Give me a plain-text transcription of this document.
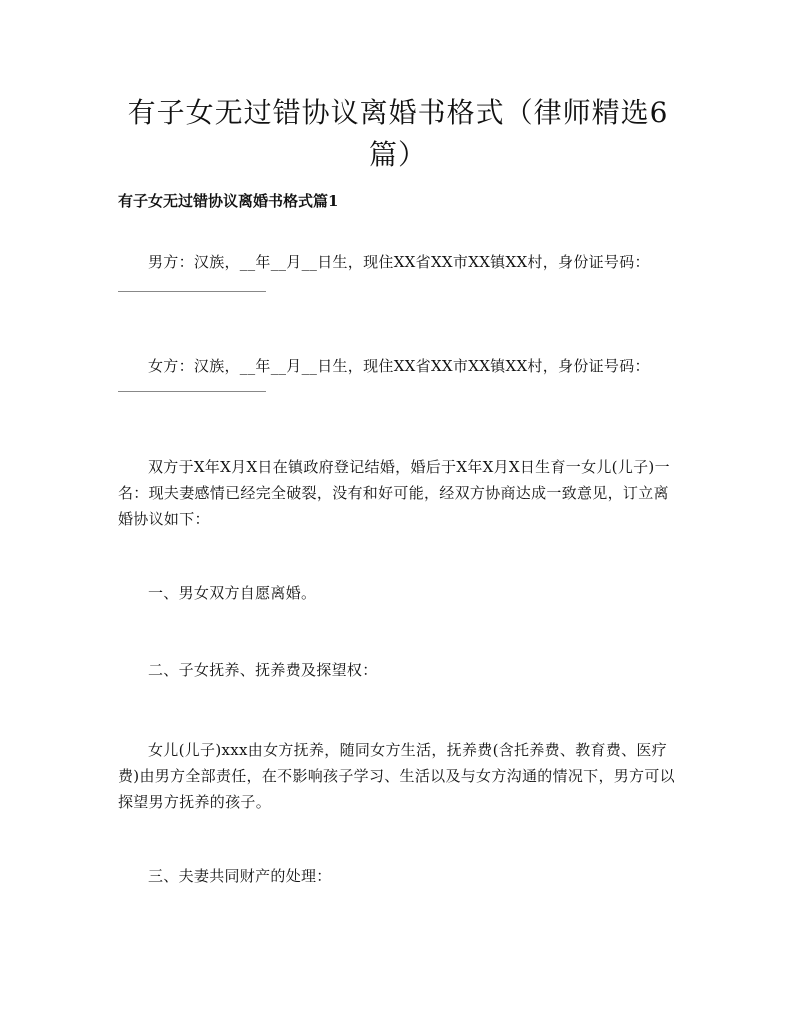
有子女无过错协议离婚书格式（律师精选6篇）

有子女无过错协议离婚书格式篇1

男方：汉族，__年__月__日生，现住XX省XX市XX镇XX村，身份证号码：

女方：汉族，__年__月__日生，现住XX省XX市XX镇XX村，身份证号码：

双方于X年X月X日在镇政府登记结婚，婚后于X年X月X日生育一女儿(儿子)一名：现夫妻感情已经完全破裂，没有和好可能，经双方协商达成一致意见，订立离婚协议如下：

一、男女双方自愿离婚。

二、子女抚养、抚养费及探望权：

女儿(儿子)xxx由女方抚养，随同女方生活，抚养费(含托养费、教育费、医疗费)由男方全部责任，在不影响孩子学习、生活以及与女方沟通的情况下，男方可以探望男方抚养的孩子。

三、夫妻共同财产的处理：
